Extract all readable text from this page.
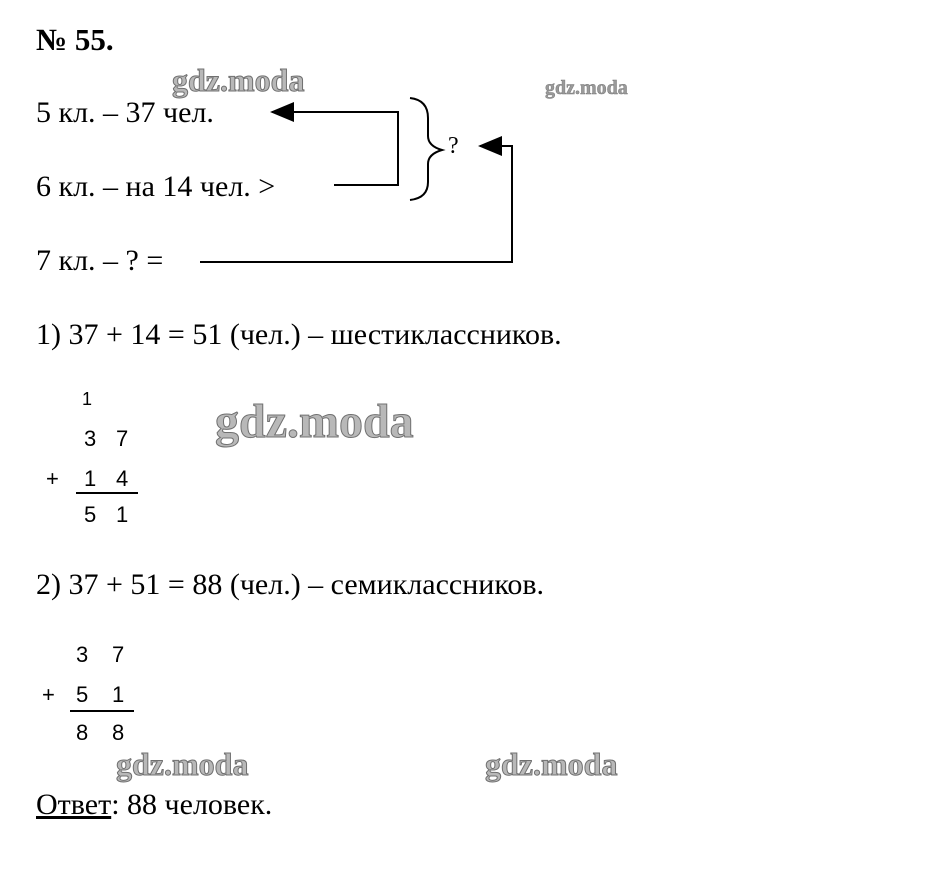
№ 55.
gdz.moda	gdz.moda
gdz.moda
gdz.moda	gdz.moda
5 кл. – 37 чел.
6 кл. – на 14 чел. >
7 кл. – ? =
?
1) 37 + 14 = 51 (чел.) – шестиклассников.
1
3 7
+ 1 4
5 1
2) 37 + 51 = 88 (чел.) – семиклассников.
3 7
+ 5 1
8 8
Ответ: 88 человек.
